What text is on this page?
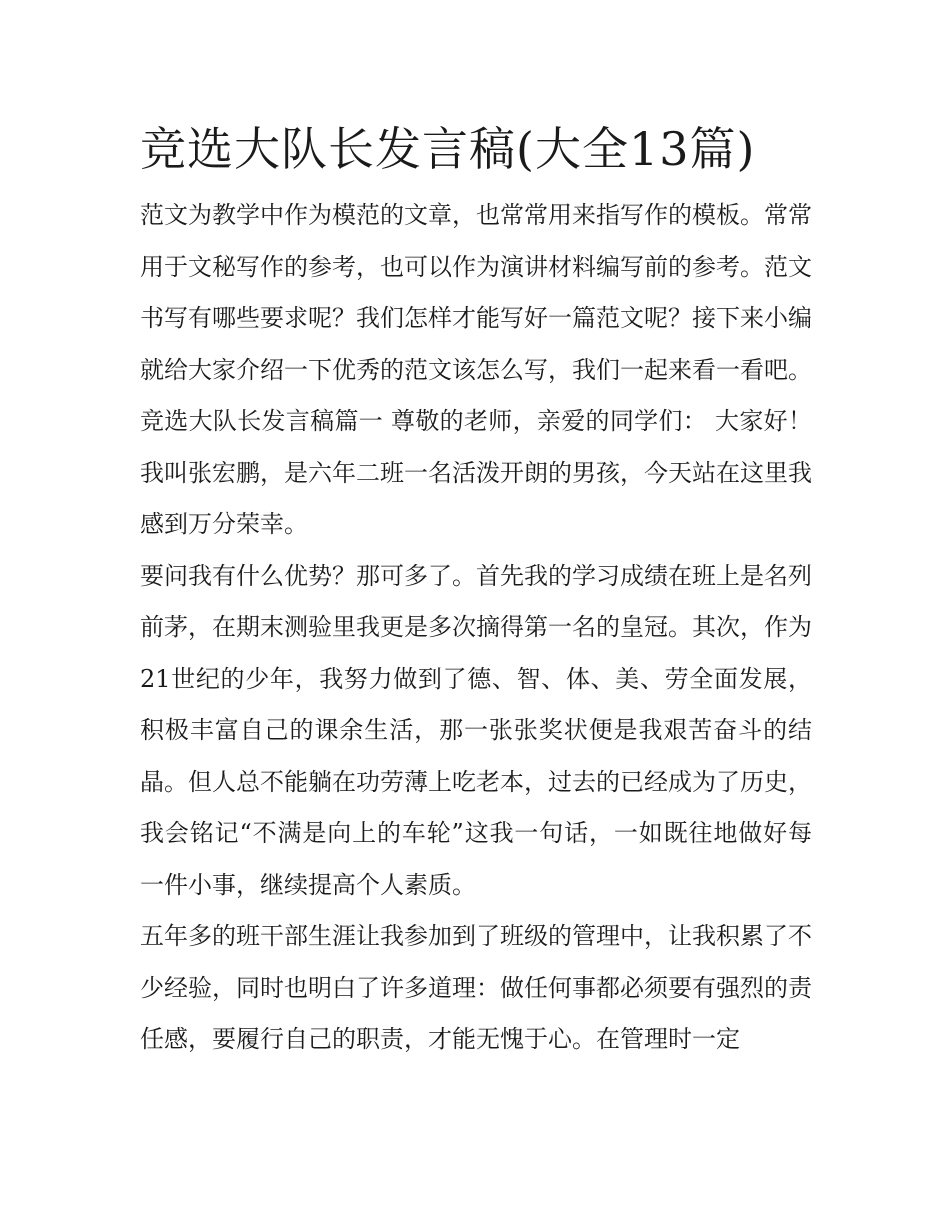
竞选大队长发言稿(大全13篇)

范文为教学中作为模范的文章，也常常用来指写作的模板。常常用于文秘写作的参考，也可以作为演讲材料编写前的参考。范文书写有哪些要求呢？我们怎样才能写好一篇范文呢？接下来小编就给大家介绍一下优秀的范文该怎么写，我们一起来看一看吧。

竞选大队长发言稿篇一 尊敬的老师，亲爱的同学们： 大家好！ 我叫张宏鹏，是六年二班一名活泼开朗的男孩，今天站在这里我感到万分荣幸。

要问我有什么优势？那可多了。首先我的学习成绩在班上是名列前茅，在期末测验里我更是多次摘得第一名的皇冠。其次，作为21世纪的少年，我努力做到了德、智、体、美、劳全面发展，积极丰富自己的课余生活，那一张张奖状便是我艰苦奋斗的结晶。但人总不能躺在功劳薄上吃老本，过去的已经成为了历史，我会铭记“不满是向上的车轮”这我一句话，一如既往地做好每一件小事，继续提高个人素质。

五年多的班干部生涯让我参加到了班级的管理中，让我积累了不少经验，同时也明白了许多道理：做任何事都必须要有强烈的责任感，要履行自己的职责，才能无愧于心。在管理时一定
